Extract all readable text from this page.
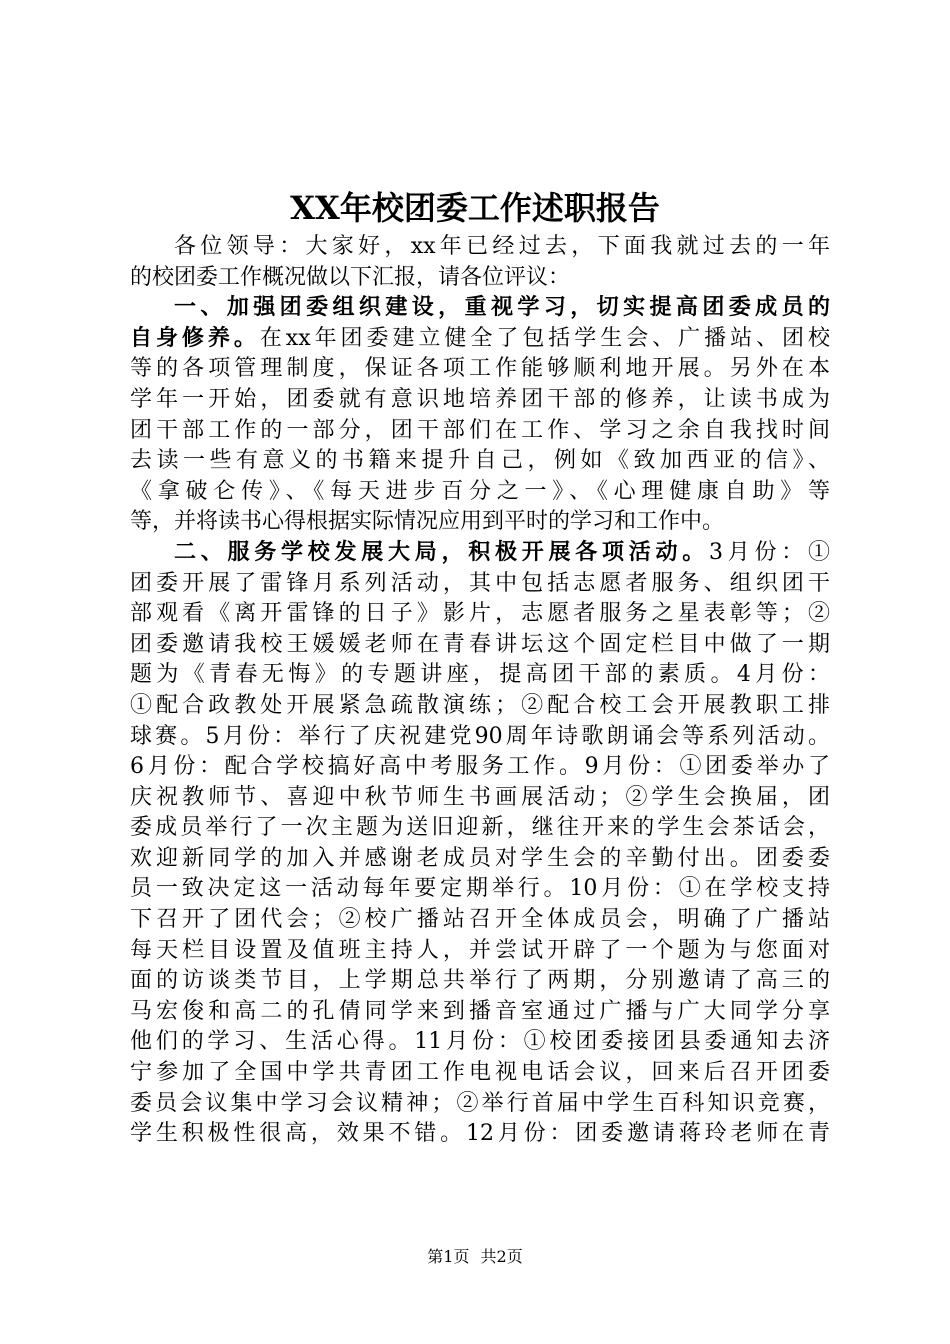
XX年校团委工作述职报告
各位领导：大家好，xx年已经过去，下面我就过去的一年
的校团委工作概况做以下汇报，请各位评议：
一、加强团委组织建设，重视学习，切实提高团委成员的
自身修养。在xx年团委建立健全了包括学生会、广播站、团校
等的各项管理制度，保证各项工作能够顺利地开展。另外在本
学年一开始，团委就有意识地培养团干部的修养，让读书成为
团干部工作的一部分，团干部们在工作、学习之余自我找时间
去读一些有意义的书籍来提升自己，例如《致加西亚的信》、
《拿破仑传》、《每天进步百分之一》、《心理健康自助》等
等，并将读书心得根据实际情况应用到平时的学习和工作中。
二、服务学校发展大局，积极开展各项活动。3月份：①
团委开展了雷锋月系列活动，其中包括志愿者服务、组织团干
部观看《离开雷锋的日子》影片，志愿者服务之星表彰等；②
团委邀请我校王媛媛老师在青春讲坛这个固定栏目中做了一期
题为《青春无悔》的专题讲座，提高团干部的素质。4月份：
①配合政教处开展紧急疏散演练；②配合校工会开展教职工排
球赛。5月份：举行了庆祝建党90周年诗歌朗诵会等系列活动。
6月份：配合学校搞好高中考服务工作。9月份：①团委举办了
庆祝教师节、喜迎中秋节师生书画展活动；②学生会换届，团
委成员举行了一次主题为送旧迎新，继往开来的学生会茶话会，
欢迎新同学的加入并感谢老成员对学生会的辛勤付出。团委委
员一致决定这一活动每年要定期举行。10月份：①在学校支持
下召开了团代会；②校广播站召开全体成员会，明确了广播站
每天栏目设置及值班主持人，并尝试开辟了一个题为与您面对
面的访谈类节目，上学期总共举行了两期，分别邀请了高三的
马宏俊和高二的孔倩同学来到播音室通过广播与广大同学分享
他们的学习、生活心得。11月份：①校团委接团县委通知去济
宁参加了全国中学共青团工作电视电话会议，回来后召开团委
委员会议集中学习会议精神；②举行首届中学生百科知识竞赛，
学生积极性很高，效果不错。12月份：团委邀请蒋玲老师在青
第1页 共2页
